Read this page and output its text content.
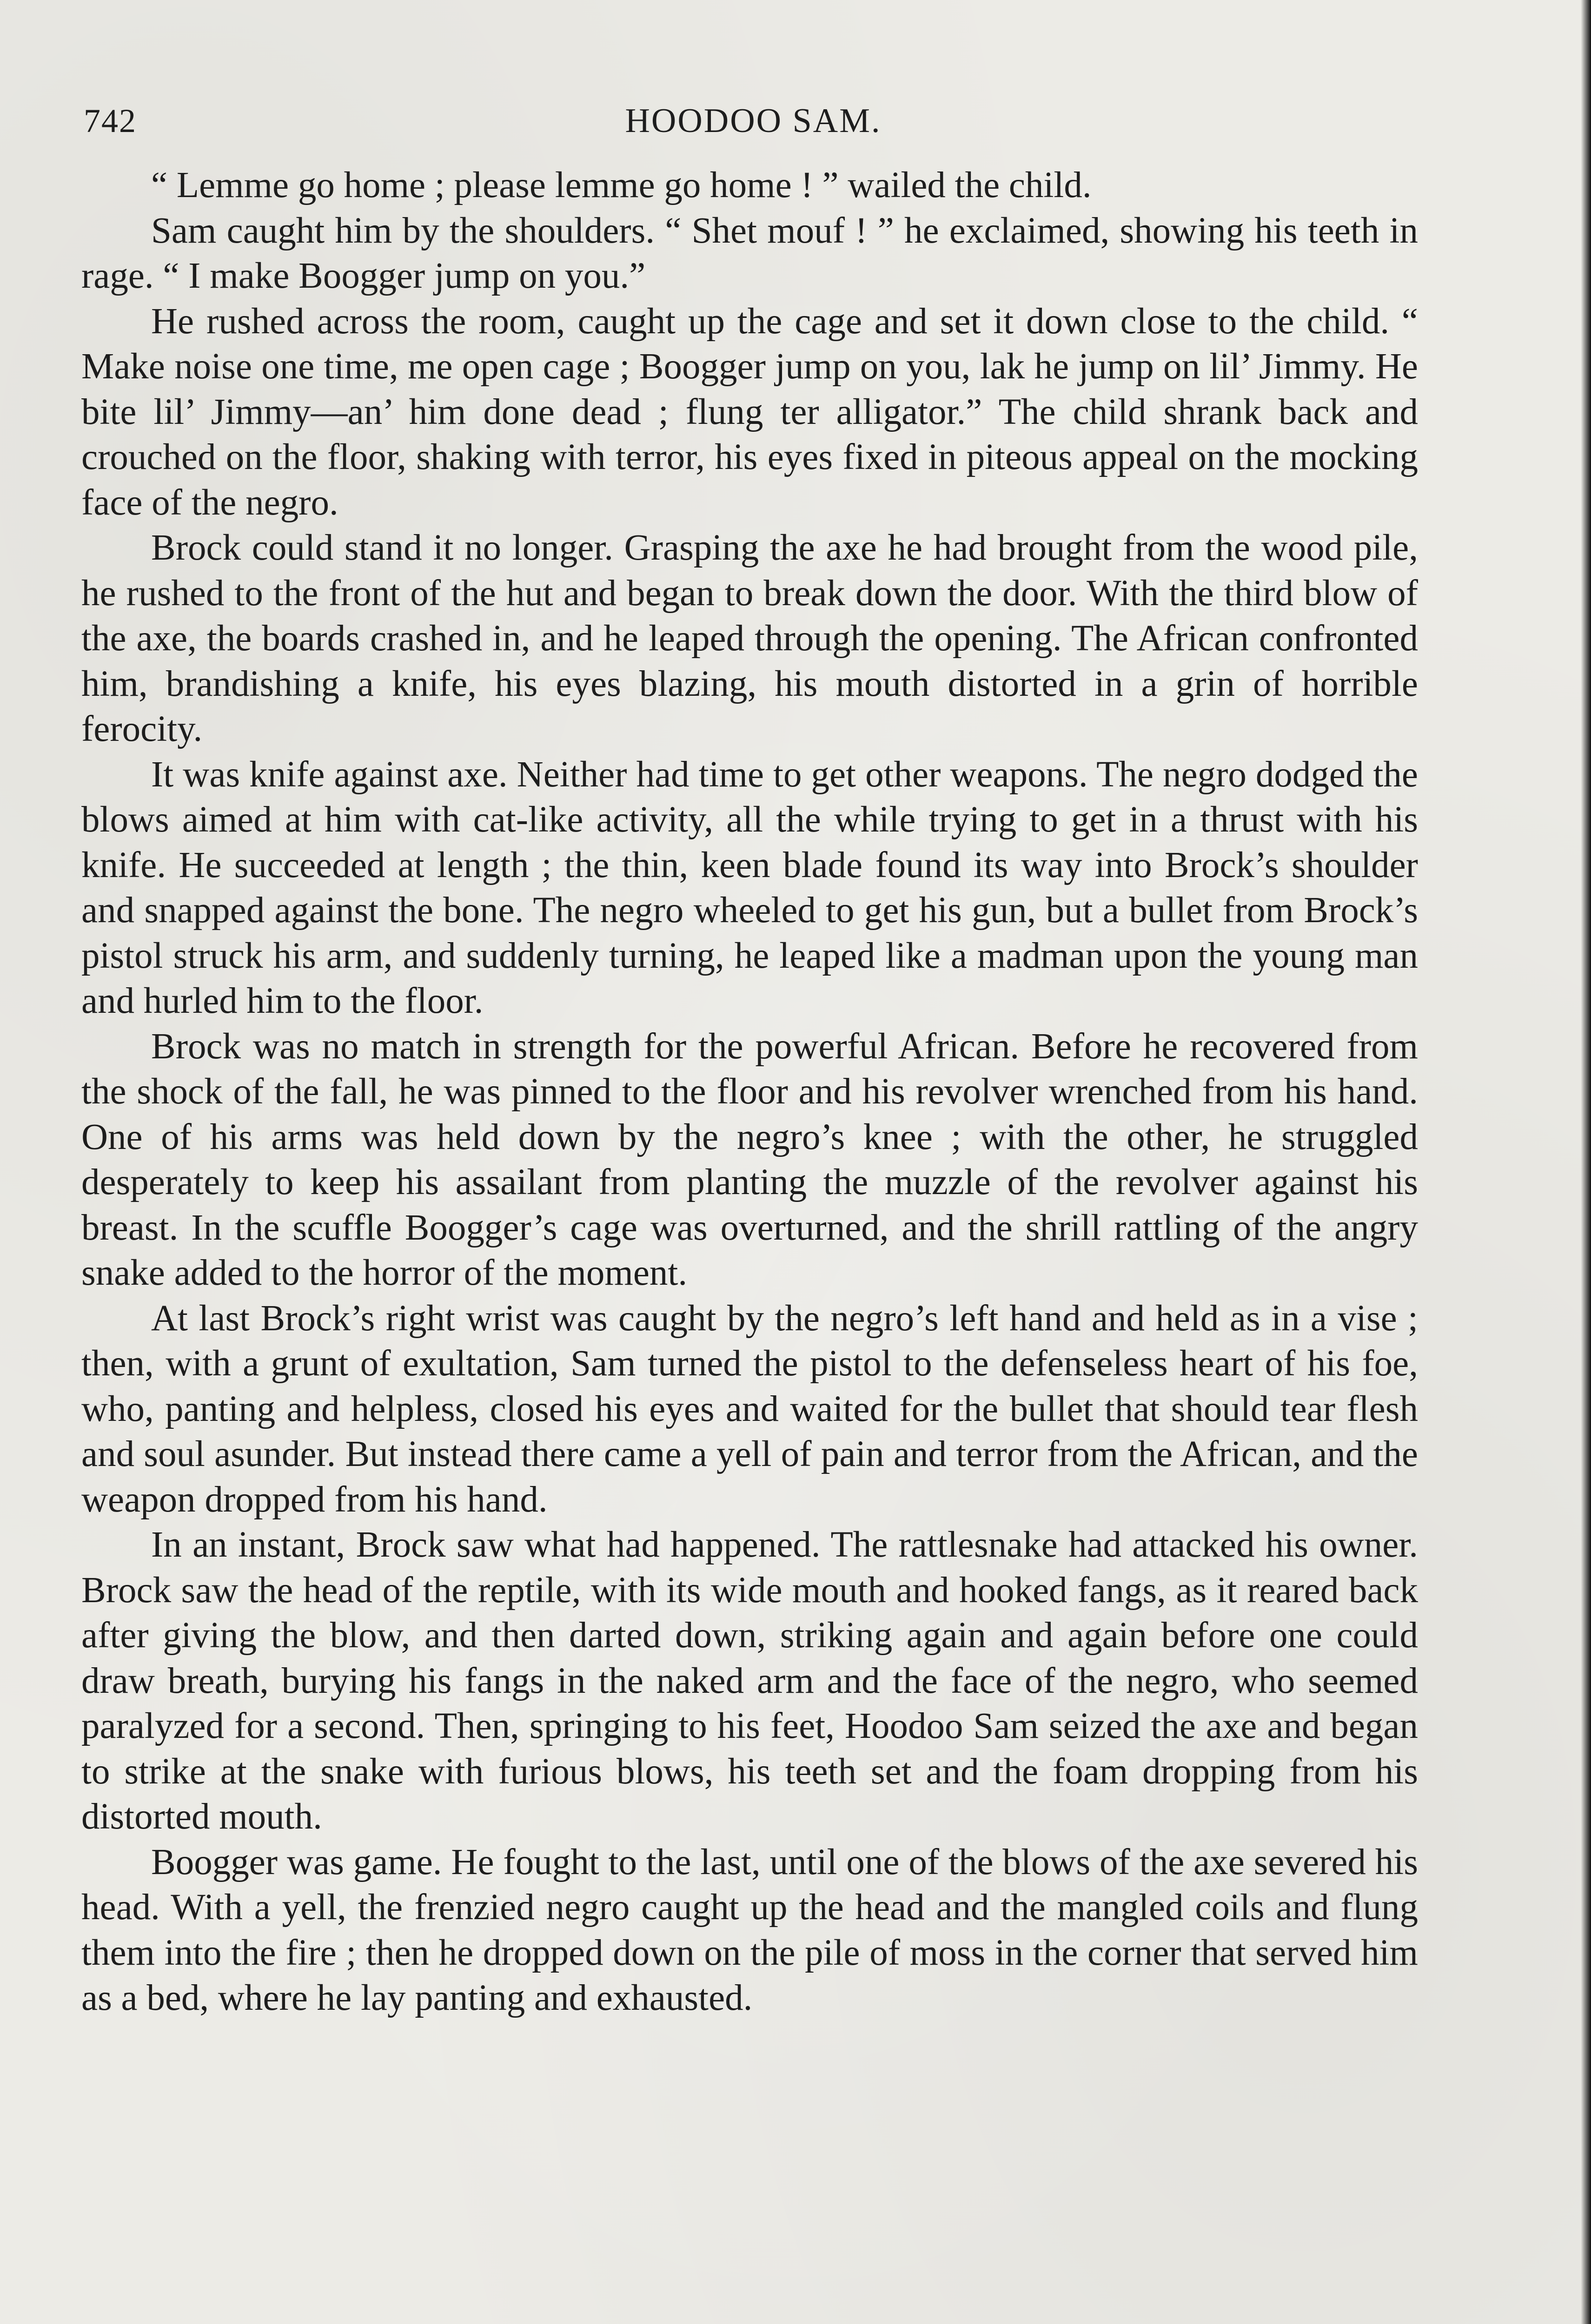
742	HOODOO SAM.

“ Lemme go home ; please lemme go home ! ” wailed the child.

Sam caught him by the shoulders. “ Shet mouf ! ” he exclaimed, showing his teeth in rage. “ I make Boogger jump on you.”

He rushed across the room, caught up the cage and set it down close to the child. “ Make noise one time, me open cage ; Boogger jump on you, lak he jump on lil’ Jimmy. He bite lil’ Jimmy—an’ him done dead ; flung ter alligator.” The child shrank back and crouched on the floor, shaking with terror, his eyes fixed in piteous appeal on the mocking face of the negro.

Brock could stand it no longer. Grasping the axe he had brought from the wood pile, he rushed to the front of the hut and began to break down the door. With the third blow of the axe, the boards crashed in, and he leaped through the opening. The African confronted him, brandishing a knife, his eyes blazing, his mouth distorted in a grin of horrible ferocity.

It was knife against axe. Neither had time to get other weapons. The negro dodged the blows aimed at him with cat-like activity, all the while trying to get in a thrust with his knife. He succeeded at length ; the thin, keen blade found its way into Brock’s shoulder and snapped against the bone. The negro wheeled to get his gun, but a bullet from Brock’s pistol struck his arm, and suddenly turning, he leaped like a madman upon the young man and hurled him to the floor.

Brock was no match in strength for the powerful African. Before he recovered from the shock of the fall, he was pinned to the floor and his revolver wrenched from his hand. One of his arms was held down by the negro’s knee ; with the other, he struggled desperately to keep his assailant from planting the muzzle of the revolver against his breast. In the scuffle Boogger’s cage was overturned, and the shrill rattling of the angry snake added to the horror of the moment.

At last Brock’s right wrist was caught by the negro’s left hand and held as in a vise ; then, with a grunt of exultation, Sam turned the pistol to the defenseless heart of his foe, who, panting and helpless, closed his eyes and waited for the bullet that should tear flesh and soul asunder. But instead there came a yell of pain and terror from the African, and the weapon dropped from his hand.

In an instant, Brock saw what had happened. The rattlesnake had attacked his owner. Brock saw the head of the reptile, with its wide mouth and hooked fangs, as it reared back after giving the blow, and then darted down, striking again and again before one could draw breath, burying his fangs in the naked arm and the face of the negro, who seemed paralyzed for a second. Then, springing to his feet, Hoodoo Sam seized the axe and began to strike at the snake with furious blows, his teeth set and the foam dropping from his distorted mouth.

Boogger was game. He fought to the last, until one of the blows of the axe severed his head. With a yell, the frenzied negro caught up the head and the mangled coils and flung them into the fire ; then he dropped down on the pile of moss in the corner that served him as a bed, where he lay panting and exhausted.
